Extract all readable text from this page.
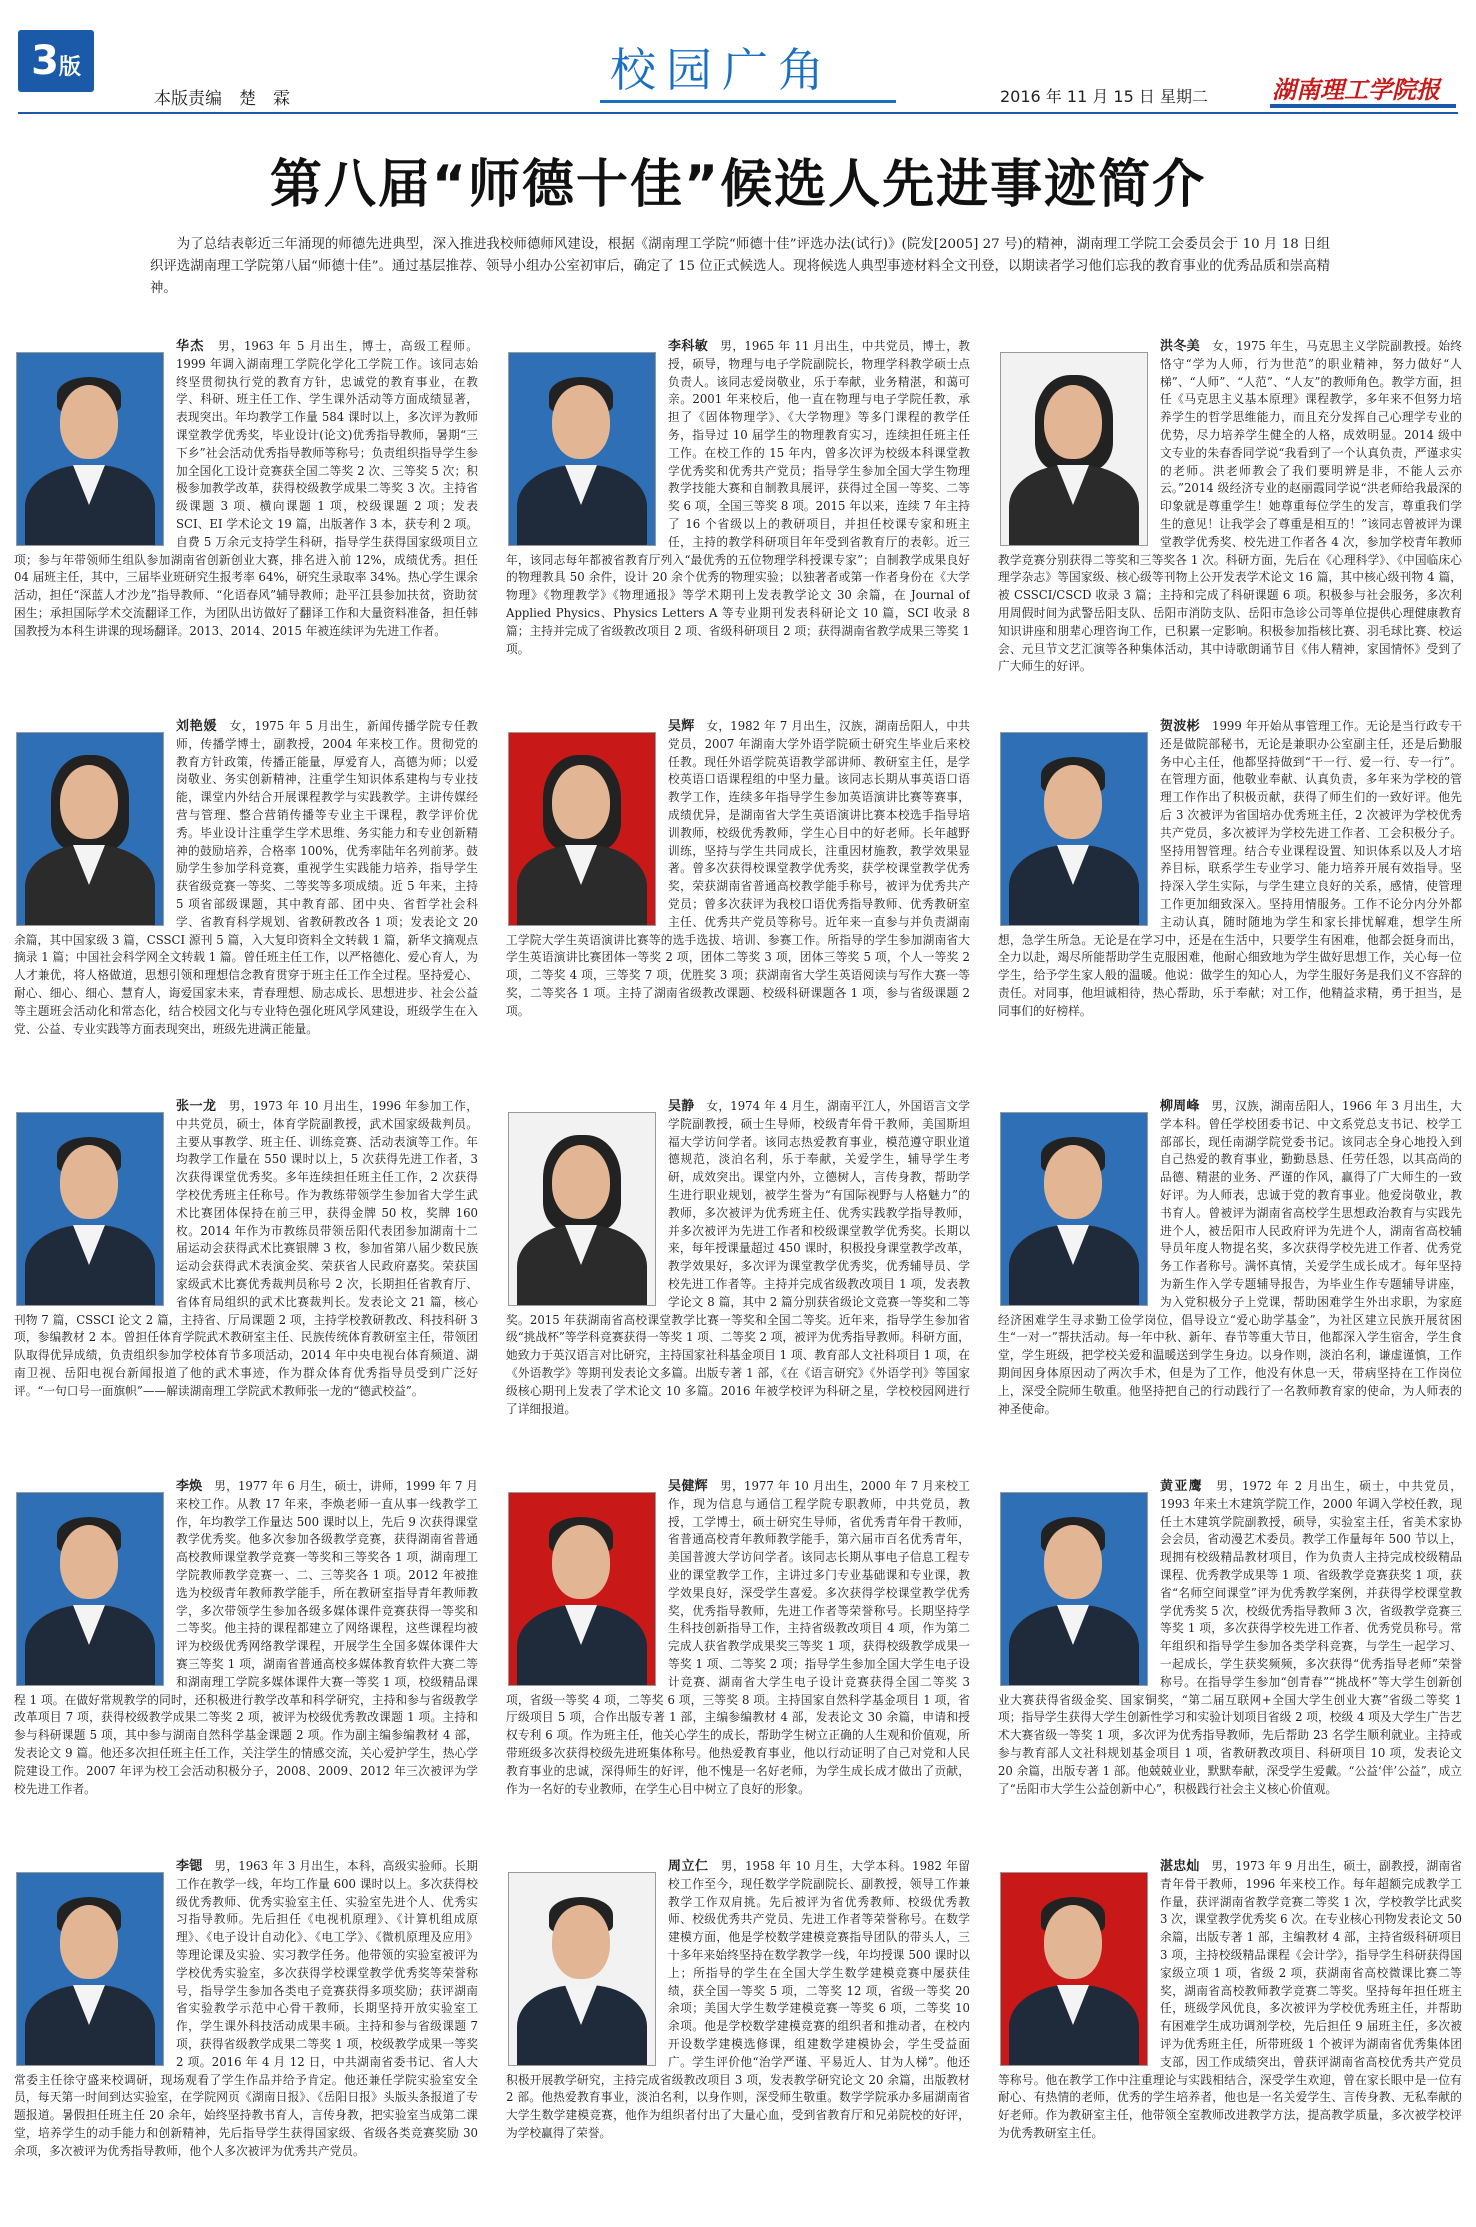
3版
本版责编　楚　霖
校园广角	2016 年 11 月 15 日 星期二	湖南理工学院报
第八届“师德十佳”候选人先进事迹简介
为了总结表彰近三年涌现的师德先进典型，深入推进我校师德师风建设，根据《湖南理工学院“师德十佳”评选办法(试行)》(院发[2005] 27 号)的精神，湖南理工学院工会委员会于 10 月 18 日组织评选湖南理工学院第八届“师德十佳”。通过基层推荐、领导小组办公室初审后，确定了 15 位正式候选人。现将候选人典型事迹材料全文刊登，以期读者学习他们忘我的教育事业的优秀品质和崇高精神。

华杰　男，1963 年 5 月出生，博士，高级工程师。1999 年调入湖南理工学院化学化工学院工作。该同志始终坚贯彻执行党的教育方针，忠诚党的教育事业，在教学、科研、班主任工作、学生课外活动等方面成绩显著，表现突出。年均教学工作量 584 课时以上，多次评为教师课堂教学优秀奖，毕业设计(论文)优秀指导教师，暑期“三下乡”社会活动优秀指导教师等称号；负责组织指导学生参加全国化工设计竞赛获全国二等奖 2 次、三等奖 5 次；积极参加教学改革，获得校级教学成果二等奖 3 次。主持省级课题 3 项、横向课题 1 项，校级课题 2 项；发表 SCI、EI 学术论文 19 篇，出版著作 3 本，获专利 2 项。自费 5 万余元支持学生科研，指导学生获得国家级项目立项；参与年带领师生组队参加湖南省创新创业大赛，排名进入前 12%，成绩优秀。担任 04 届班主任，其中，三届毕业班研究生报考率 64%，研究生录取率 34%。热心学生课余活动，担任“深蓝人才沙龙”指导教师、“化语春风”辅导教师；赴平江县参加扶贫，资助贫困生；承担国际学术交流翻译工作，为团队出访做好了翻译工作和大量资料准备，担任韩国教授为本科生讲课的现场翻译。2013、2014、2015 年被连续评为先进工作者。

李科敏　男，1965 年 11 月出生，中共党员，博士，教授，硕导，物理与电子学院副院长，物理学科教学硕士点负责人。该同志爱岗敬业，乐于奉献，业务精湛，和蔼可亲。2001 年来校后，他一直在物理与电子学院任教，承担了《固体物理学》、《大学物理》等多门课程的教学任务，指导过 10 届学生的物理教育实习，连续担任班主任工作。在校工作的 15 年内，曾多次评为校级本科课堂教学优秀奖和优秀共产党员；指导学生参加全国大学生物理教学技能大赛和自制教具展评，获得过全国一等奖、二等奖 6 项，全国三等奖 8 项。2015 年以来，连续 7 年主持了 16 个省级以上的教研项目，并担任校课专家和班主任，主持的教学科研项目年年受到省教育厅的表彰。近三年，该同志每年都被省教育厅列入“最优秀的五位物理学科授课专家”；自制教学成果良好的物理教具 50 余件，设计 20 余个优秀的物理实验；以独著者或第一作者身份在《大学物理》《物理教学》《物理通报》等学术期刊上发表教学论文 30 余篇，在 Journal of Applied Physics、Physics Letters A 等专业期刊发表科研论文 10 篇，SCI 收录 8 篇；主持并完成了省级教改项目 2 项、省级科研项目 2 项；获得湖南省教学成果三等奖 1 项。

洪冬美　女，1975 年生，马克思主义学院副教授。始终恪守“学为人师，行为世范”的职业精神，努力做好“人梯”、“人师”、“人范”、“人友”的教师角色。教学方面，担任《马克思主义基本原理》课程教学，多年来不但努力培养学生的哲学思维能力，而且充分发挥自己心理学专业的优势，尽力培养学生健全的人格，成效明显。2014 级中文专业的朱春香同学说“我看到了一个认真负责，严谨求实的老师。洪老师教会了我们要明辨是非，不能人云亦云。”2014 级经济专业的赵丽霞同学说“洪老师给我最深的印象就是尊重学生！她尊重每位学生的发言，尊重我们学生的意见！让我学会了尊重是相互的！”该同志曾被评为课堂教学优秀奖、校先进工作者各 4 次，参加学校青年教师教学竞赛分别获得二等奖和三等奖各 1 次。科研方面，先后在《心理科学》、《中国临床心理学杂志》等国家级、核心级等刊物上公开发表学术论文 16 篇，其中核心级刊物 4 篇，被 CSSCI/CSCD 收录 3 篇；主持和完成了科研课题 6 项。积极参与社会服务，多次利用周假时间为武警岳阳支队、岳阳市消防支队、岳阳市急诊公司等单位提供心理健康教育知识讲座和朋辈心理咨询工作，已积累一定影响。积极参加指核比赛、羽毛球比赛、校运会、元旦节文艺汇演等各种集体活动，其中诗歌朗诵节目《伟人精神，家国情怀》受到了广大师生的好评。

刘艳媛　女，1975 年 5 月出生，新闻传播学院专任教师，传播学博士，副教授，2004 年来校工作。贯彻党的教育方针政策，传播正能量，厚爱育人，高德为师；以爱岗敬业、务实创新精神，注重学生知识体系建构与专业技能，课堂内外结合开展课程教学与实践教学。主讲传媒经营与管理、整合营销传播等专业主干课程，教学评价优秀。毕业设计注重学生学术思维、务实能力和专业创新精神的鼓励培养，合格率 100%，优秀率陆年名列前茅。鼓励学生参加学科竞赛，重视学生实践能力培养，指导学生获省级竞赛一等奖、二等奖等多项成绩。近 5 年来，主持 5 项省部级课题，其中教育部、团中央、省哲学社会科学、省教育科学规划、省教研教改各 1 项；发表论文 20 余篇，其中国家级 3 篇，CSSCI 源刊 5 篇，入大复印资料全文转载 1 篇，新华文摘观点摘录 1 篇；中国社会科学网全文转载 1 篇。曾任班主任工作，以严格德化、爱心育人，为人才兼优，将人格做道，思想引领和理想信念教育贯穿于班主任工作全过程。坚持爱心、耐心、细心、细心、慧育人，诲爱国家未来，青春理想、励志成长、思想进步、社会公益等主题班会活动化和常态化，结合校园文化与专业特色强化班风学风建设，班级学生在入党、公益、专业实践等方面表现突出，班级先进满正能量。

吴辉　女，1982 年 7 月出生，汉族，湖南岳阳人，中共党员，2007 年湖南大学外语学院硕士研究生毕业后来校任教。现任外语学院英语教学部讲师、教研室主任，是学校英语口语课程组的中坚力量。该同志长期从事英语口语教学工作，连续多年指导学生参加英语演讲比赛等赛事，成绩优异，是湖南省大学生英语演讲比赛本校选手指导培训教师，校级优秀教师，学生心目中的好老师。长年越野训练，坚持与学生共同成长，注重因材施教，教学效果显著。曾多次获得校课堂教学优秀奖，获学校课堂教学优秀奖，荣获湖南省普通高校教学能手称号，被评为优秀共产党员；曾多次获评为我校口语优秀指导教师、优秀教研室主任、优秀共产党员等称号。近年来一直参与并负责湖南工学院大学生英语演讲比赛等的选手选拔、培训、参赛工作。所指导的学生参加湖南省大学生英语演讲比赛团体一等奖 2 项，团体二等奖 3 项，团体三等奖 5 项，个人一等奖 2 项，二等奖 4 项，三等奖 7 项，优胜奖 3 项；获湖南省大学生英语阅读与写作大赛一等奖，二等奖各 1 项。主持了湖南省级教改课题、校级科研课题各 1 项，参与省级课题 2 项。

贺波彬　1999 年开始从事管理工作。无论是当行政专干还是做院部秘书，无论是兼职办公室副主任，还是后勤服务中心主任，他都坚持做到“干一行、爱一行、专一行”。在管理方面，他敬业奉献、认真负责，多年来为学校的管理工作作出了积极贡献，获得了师生们的一致好评。他先后 3 次被评为省国培办优秀班主任，2 次被评为学校优秀共产党员，多次被评为学校先进工作者、工会积极分子。坚持用智管理。结合专业课程设置、知识体系以及人才培养目标，联系学生专业学习、能力培养开展有效指导。坚持深入学生实际，与学生建立良好的关系，感情，使管理工作更加细致深入。坚持用情服务。工作不论分内分外都主动认真，随时随地为学生和家长排忧解难，想学生所想，急学生所急。无论是在学习中，还是在生活中，只要学生有困难，他都会挺身而出，全力以赴，竭尽所能帮助学生克服困难，他耐心细致地为学生做好思想工作，关心每一位学生，给予学生家人般的温暖。他说：做学生的知心人，为学生服好务是我们义不容辞的责任。对同事，他坦诚相待，热心帮助，乐于奉献；对工作，他精益求精，勇于担当，是同事们的好榜样。

张一龙　男，1973 年 10 月出生，1996 年参加工作，中共党员，硕士，体育学院副教授，武术国家级裁判员。主要从事教学、班主任、训练竞赛、活动表演等工作。年均教学工作量在 550 课时以上，5 次获得先进工作者，3 次获得课堂优秀奖。多年连续担任班主任工作，2 次获得学校优秀班主任称号。作为教练带领学生参加省大学生武术比赛团体保持在前三甲，获得金牌 50 枚，奖牌 160 枚。2014 年作为市教练员带领岳阳代表团参加湖南十二届运动会获得武术比赛银牌 3 枚，参加省第八届少数民族运动会获得武术表演金奖、荣获省人民政府嘉奖。荣获国家级武术比赛优秀裁判员称号 2 次，长期担任省教育厅、省体育局组织的武术比赛裁判长。发表论文 21 篇，核心刊物 7 篇，CSSCI 论文 2 篇，主持省、厅局课题 2 项，主持学校教研教改、科技科研 3 项，参编教材 2 本。曾担任体育学院武术教研室主任、民族传统体育教研室主任，带领团队取得优异成绩，负责组织参加学校体育节多项活动，2014 年中央电视台体育频道、湖南卫视、岳阳电视台新闻报道了他的武术事迹，作为群众体育优秀指导员受到广泛好评。“一句口号一面旗帜”——解读湖南理工学院武术教师张一龙的“德武校益”。

吴静　女，1974 年 4 月生，湖南平江人，外国语言文学学院副教授，硕士生导师，校级青年骨干教师，美国斯坦福大学访问学者。该同志热爱教育事业，模范遵守职业道德规范，淡泊名利，乐于奉献，关爱学生，辅导学生考研，成效突出。课堂内外，立德树人，言传身教，帮助学生进行职业规划，被学生誉为“有国际视野与人格魅力”的教师，多次被评为优秀班主任、优秀实践教学指导教师，并多次被评为先进工作者和校级课堂教学优秀奖。长期以来，每年授课量超过 450 课时，积极投身课堂教学改革，教学效果好，多次评为课堂教学优秀奖，优秀辅导员、学校先进工作者等。主持并完成省级教改项目 1 项，发表教学论文 8 篇，其中 2 篇分别获省级论文竞赛一等奖和二等奖。2015 年获湖南省高校课堂教学比赛一等奖和全国二等奖。近年来，指导学生参加省级“挑战杯”等学科竞赛获得一等奖 1 项、二等奖 2 项，被评为优秀指导教师。科研方面，她致力于英汉语言对比研究，主持国家社科基金项目 1 项、教育部人文社科项目 1 项，在《外语教学》等期刊发表论文多篇。出版专著 1 部，《在《语言研究》《外语学刊》等国家级核心期刊上发表了学术论文 10 多篇。2016 年被学校评为科研之星，学校校园网进行了详细报道。

柳周峰　男，汉族，湖南岳阳人，1966 年 3 月出生，大学本科。曾任学校团委书记、中文系党总支书记、校学工部部长，现任南湖学院党委书记。该同志全身心地投入到自己热爱的教育事业，勤勤恳恳、任劳任怨，以其高尚的品德、精湛的业务、严谨的作风，赢得了广大师生的一致好评。为人师表，忠诚于党的教育事业。他爱岗敬业，教书育人。曾被评为湖南省高校学生思想政治教育与实践先进个人，被岳阳市人民政府评为先进个人，湖南省高校辅导员年度人物提名奖，多次获得学校先进工作者、优秀党务工作者称号。满怀真情，关爱学生成长成才。每年坚持为新生作入学专题辅导报告，为毕业生作专题辅导讲座，为入党积极分子上党课，帮助困难学生外出求职，为家庭经济困难学生寻求勤工俭学岗位，倡导设立“爱心助学基金”，为社区建立民族开展贫困生“一对一”帮扶活动。每一年中秋、新年、春节等重大节日，他都深入学生宿舍，学生食堂，学生班级，把学校关爱和温暖送到学生身边。以身作则，淡泊名利，谦虚谨慎，工作期间因身体原因动了两次手术，但是为了工作，他没有休息一天，带病坚持在工作岗位上，深受全院师生敬重。他坚持把自己的行动践行了一名教师教育家的使命，为人师表的神圣使命。

李焕　男，1977 年 6 月生，硕士，讲师，1999 年 7 月来校工作。从教 17 年来，李焕老师一直从事一线教学工作，年均教学工作量达 500 课时以上，先后 9 次获得课堂教学优秀奖。他多次参加各级教学竞赛，获得湖南省普通高校教师课堂教学竞赛一等奖和三等奖各 1 项，湖南理工学院教师教学竞赛一、二、三等奖各 1 项。2012 年被推选为校级青年教师教学能手，所在教研室指导青年教师教学，多次带领学生参加各级多媒体课件竞赛获得一等奖和二等奖。他主持的课程都建立了网络课程，这些课程均被评为校级优秀网络教学课程，开展学生全国多媒体课件大赛三等奖 1 项，湖南省普通高校多媒体教育软件大赛二等和湖南理工学院多媒体课件大赛一等奖 1 项，校级精品课程 1 项。在做好常规教学的同时，还积极进行教学改革和科学研究，主持和参与省级教学改革项目 7 项，获得校级教学成果二等奖 2 项，被评为校级优秀教改课题 1 项。主持和参与科研课题 5 项，其中参与湖南自然科学基金课题 2 项。作为副主编参编教材 4 部，发表论文 9 篇。他还多次担任班主任工作，关注学生的情感交流，关心爱护学生，热心学院建设工作。2007 年评为校工会活动积极分子，2008、2009、2012 年三次被评为学校先进工作者。

吴健辉　男，1977 年 10 月出生，2000 年 7 月来校工作，现为信息与通信工程学院专职教师，中共党员，教授，工学博士，硕士研究生导师，省优秀青年骨干教师，省普通高校青年教师教学能手，第六届市百名优秀青年，美国普渡大学访问学者。该同志长期从事电子信息工程专业的课堂教学工作，主讲过多门专业基础课和专业课，教学效果良好，深受学生喜爱。多次获得学校课堂教学优秀奖，优秀指导教师，先进工作者等荣誉称号。长期坚持学生科技创新指导工作，主持省级教改项目 4 项，作为第二完成人获省教学成果奖三等奖 1 项，获得校级教学成果一等奖 1 项、二等奖 2 项；指导学生参加全国大学生电子设计竞赛、湖南省大学生电子设计竞赛获得全国二等奖 3 项，省级一等奖 4 项，二等奖 6 项，三等奖 8 项。主持国家自然科学基金项目 1 项，省厅级项目 5 项，合作出版专著 1 部，主编参编教材 4 部，发表论文 30 余篇，申请和授权专利 6 项。作为班主任，他关心学生的成长，帮助学生树立正确的人生观和价值观，所带班级多次获得校级先进班集体称号。他热爱教育事业，他以行动证明了自己对党和人民教育事业的忠诚，深得师生的好评，他不愧是一名好老师，为学生成长成才做出了贡献，作为一名好的专业教师，在学生心目中树立了良好的形象。

黄亚鹰　男，1972 年 2 月出生，硕士，中共党员，1993 年来土木建筑学院工作，2000 年调入学校任教，现任土木建筑学院副教授，硕导，实验室主任，省美术家协会会员，省动漫艺术委员。教学工作量每年 500 节以上，现拥有校级精品教材项目，作为负责人主持完成校级精品课程、优秀教学成果等 1 项、省级教学竞赛获奖 1 项，获省“名师空间课堂”评为优秀教学案例，并获得学校课堂教学优秀奖 5 次，校级优秀指导教师 3 次，省级教学竞赛三等奖 1 项，多次获得学校先进工作者、优秀党员称号。常年组织和指导学生参加各类学科竞赛，与学生一起学习、一起成长，学生获奖频频，多次获得“优秀指导老师”荣誉称号。在指导学生参加“创青春”“挑战杯”等大学生创新创业大赛获得省级金奖、国家铜奖，“第二届互联网+全国大学生创业大赛”省级二等奖 1 项；指导学生获得大学生创新性学习和实验计划项目省级 2 项，校级 4 项及大学生广告艺术大赛省级一等奖 1 项，多次评为优秀指导教师，先后帮助 23 名学生顺利就业。主持或参与教育部人文社科规划基金项目 1 项，省教研教改项目、科研项目 10 项，发表论文 20 余篇，出版专著 1 部。他兢兢业业，默默奉献，深受学生爱戴。“公益‘伴’公益”，成立了“岳阳市大学生公益创新中心”，积极践行社会主义核心价值观。

李锶　男，1963 年 3 月出生，本科，高级实验师。长期工作在教学一线，年均工作量 600 课时以上。多次获得校级优秀教师、优秀实验室主任、实验室先进个人、优秀实习指导教师。先后担任《电视机原理》、《计算机组成原理》、《电子设计自动化》、《电工学》、《微机原理及应用》等理论课及实验、实习教学任务。他带领的实验室被评为学校优秀实验室，多次获得学校课堂教学优秀奖等荣誉称号，指导学生参加各类电子竞赛获得多项奖励；获评湖南省实验教学示范中心骨干教师，长期坚持开放实验室工作，学生课外科技活动成果丰硕。主持和参与省级课题 7 项，获得省级教学成果二等奖 1 项，校级教学成果一等奖 2 项。2016 年 4 月 12 日，中共湖南省委书记、省人大常委主任徐守盛来校调研，现场观看了学生作品并给予肯定。他还兼任学院实验室安全员，每天第一时间到达实验室，在学院网页《湖南日报》、《岳阳日报》头版头条报道了专题报道。暑假担任班主任 20 余年，始终坚持教书育人，言传身教，把实验室当成第二课堂，培养学生的动手能力和创新精神，先后指导学生获得国家级、省级各类竞赛奖励 30 余项，多次被评为优秀指导教师，他个人多次被评为优秀共产党员。

周立仁　男，1958 年 10 月生，大学本科。1982 年留校工作至今，现任数学学院副院长、副教授，领导工作兼教学工作双肩挑。先后被评为省优秀教师、校级优秀教师、校级优秀共产党员、先进工作者等荣誉称号。在数学建模方面，他是学校数学建模竞赛指导团队的带头人，三十多年来始终坚持在数学教学一线，年均授课 500 课时以上；所指导的学生在全国大学生数学建模竞赛中屡获佳绩，获全国一等奖 5 项，二等奖 12 项，省级一等奖 20 余项；美国大学生数学建模竞赛一等奖 6 项，二等奖 10 余项。他是学校数学建模竞赛的组织者和推动者，在校内开设数学建模选修课，组建数学建模协会，学生受益面广。学生评价他“治学严谨、平易近人、甘为人梯”。他还积极开展教学研究，主持完成省级教改项目 3 项，发表教学研究论文 20 余篇，出版教材 2 部。他热爱教育事业，淡泊名利，以身作则，深受师生敬重。数学学院承办多届湖南省大学生数学建模竞赛，他作为组织者付出了大量心血，受到省教育厅和兄弟院校的好评，为学校赢得了荣誉。

湛忠灿　男，1973 年 9 月出生，硕士，副教授，湖南省青年骨干教师，1996 年来校工作。每年超额完成教学工作量，获评湖南省教学竞赛二等奖 1 次，学校教学比武奖 3 次，课堂教学优秀奖 6 次。在专业核心刊物发表论文 50 余篇，出版专著 1 部，主编教材 4 部，主持省级科研项目 3 项，主持校级精品课程《会计学》，指导学生科研获得国家级立项 1 项，省级 2 项，获湖南省高校微课比赛二等奖，湖南省高校教师教学竞赛二等奖。坚持每年担任班主任，班级学风优良，多次被评为学校优秀班主任，并帮助有困难学生成功调剂学校，先后担任 9 届班主任，多次被评为优秀班主任，所带班级 1 个被评为湖南省优秀集体团支部，因工作成绩突出，曾获评湖南省高校优秀共产党员等称号。他在教学工作中注重理论与实践相结合，深受学生欢迎，曾在家长眼中是一位有耐心、有热情的老师，优秀的学生培养者，他也是一名关爱学生、言传身教、无私奉献的好老师。作为教研室主任，他带领全室教师改进教学方法，提高教学质量，多次被学校评为优秀教研室主任。
